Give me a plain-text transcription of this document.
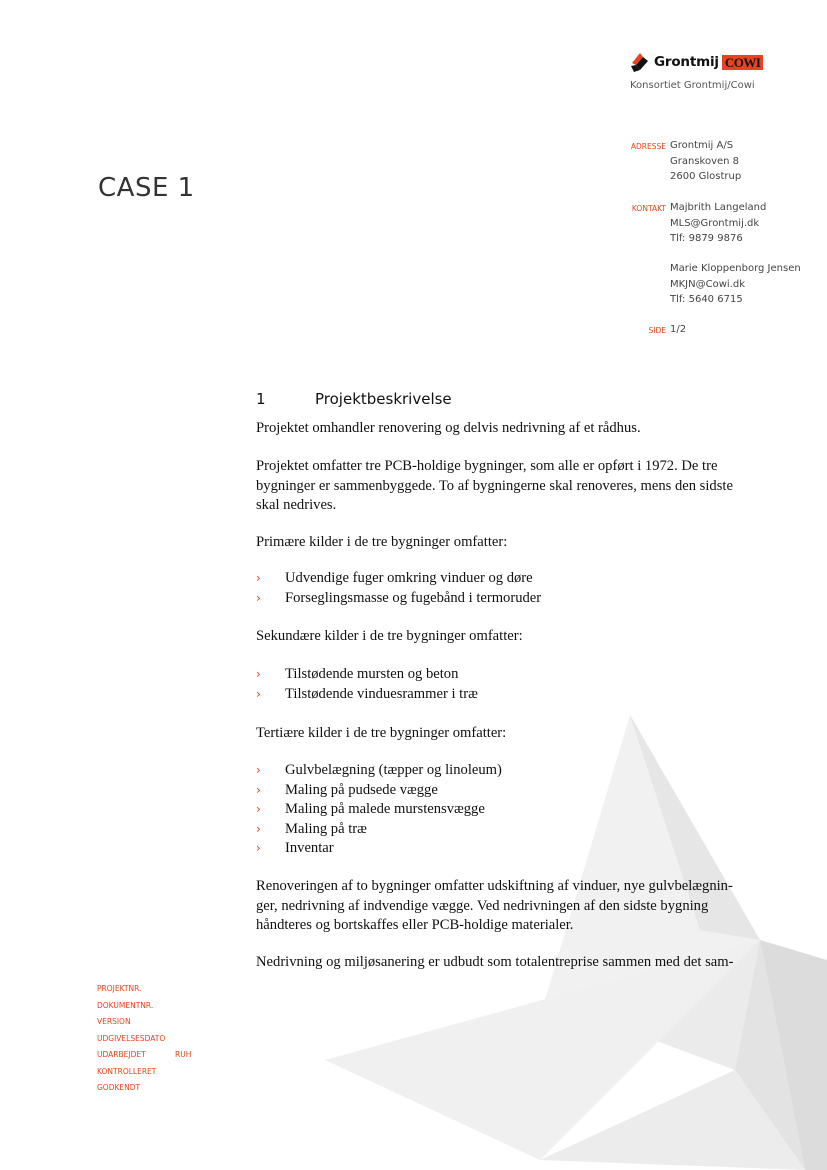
Grontmij COWI
Konsortiet Grontmij/Cowi
CASE 1
ADRESSE Grontmij A/S
Granskoven 8
2600 Glostrup
KONTAKT Majbrith Langeland
MLS@Grontmij.dk
Tlf: 9879 9876
Marie Kloppenborg Jensen
MKJN@Cowi.dk
Tlf: 5640 6715
SIDE 1/2
1	Projektbeskrivelse

Projektet omhandler renovering og delvis nedrivning af et rådhus.

Projektet omfatter tre PCB-holdige bygninger, som alle er opført i 1972. De tre

bygninger er sammenbyggede. To af bygningerne skal renoveres, mens den sidste

skal nedrives.

Primære kilder i de tre bygninger omfatter:
› Udvendige fuger omkring vinduer og døre
› Forseglingsmasse og fugebånd i termoruder
Sekundære kilder i de tre bygninger omfatter:
› Tilstødende mursten og beton
› Tilstødende vinduesrammer i træ
Tertiære kilder i de tre bygninger omfatter:
› Gulvbelægning (tæpper og linoleum)
› Maling på pudsede vægge
› Maling på malede murstensvægge
› Maling på træ
› Inventar

Renoveringen af to bygninger omfatter udskiftning af vinduer, nye gulvbelægnin-

ger, nedrivning af indvendige vægge. Ved nedrivningen af den sidste bygning

håndteres og bortskaffes eller PCB-holdige materialer.

Nedrivning og miljøsanering er udbudt som totalentreprise sammen med det sam-
PROJEKTNR.
DOKUMENTNR.
VERSION
UDGIVELSESDATO
UDARBEJDET	RUH
KONTROLLERET
GODKENDT
